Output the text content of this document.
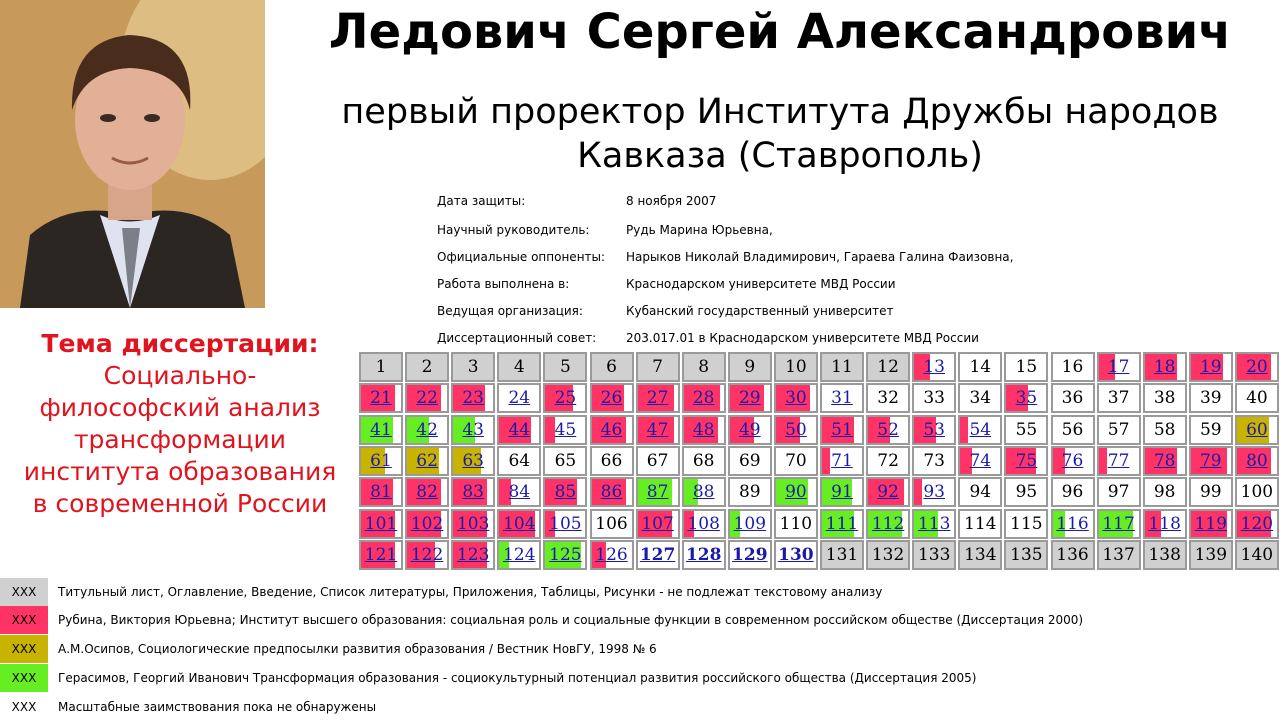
Ледович Сергей Александрович
первый проректор Института Дружбы народов
Кавказа (Ставрополь)
Дата защиты:	8 ноября 2007
Научный руководитель:	Рудь Марина Юрьевна,
Официальные оппоненты: Нарыков Николай Владимирович, Гараева Галина Фаизовна,
Работа выполнена в:	Краснодарском университете МВД России
Ведущая организация:	Кубанский государственный университет
Диссертационный совет: 203.017.01 в Краснодарском университете МВД России
Тема диссертации:
Социально-
философский анализ
трансформации
института образования
в современной России
1	2	3	4	5	6	7	8	9	10	11	12	13	14	15	16	17	18	19	20
21	22	23	24	25	26	27	28	29	30	31	32	33	34	35	36	37	38	39	40
41	42	43	44	45	46	47	48	49	50	51	52	53	54	55	56	57	58	59	60
61	62	63	64	65	66	67	68	69	70	71	72	73	74	75	76	77	78	79	80
81	82	83	84	85	86	87	88	89	90	91	92	93	94	95	96	97	98	99	100
101 102 103 104 105 106 107 108 109 110 111 112 113 114 115 116 117 118 119 120
121 122 123 124 125 126 127 128 129 130 131 132 133 134 135 136 137 138 139 140
XXX	Титульный лист, Оглавление, Введение, Список литературы, Приложения, Таблицы, Рисунки - не подлежат текстовому анализу
XXX	Рубина, Виктория Юрьевна; Институт высшего образования: социальная роль и социальные функции в современном российском обществе (Диссертация 2000)
XXX	А.М.Осипов, Социологические предпосылки развития образования / Вестник НовГУ, 1998 № 6
XXX	Герасимов, Георгий Иванович Трансформация образования - социокультурный потенциал развития российского общества (Диссертация 2005)
XXX	Масштабные заимствования пока не обнаружены
